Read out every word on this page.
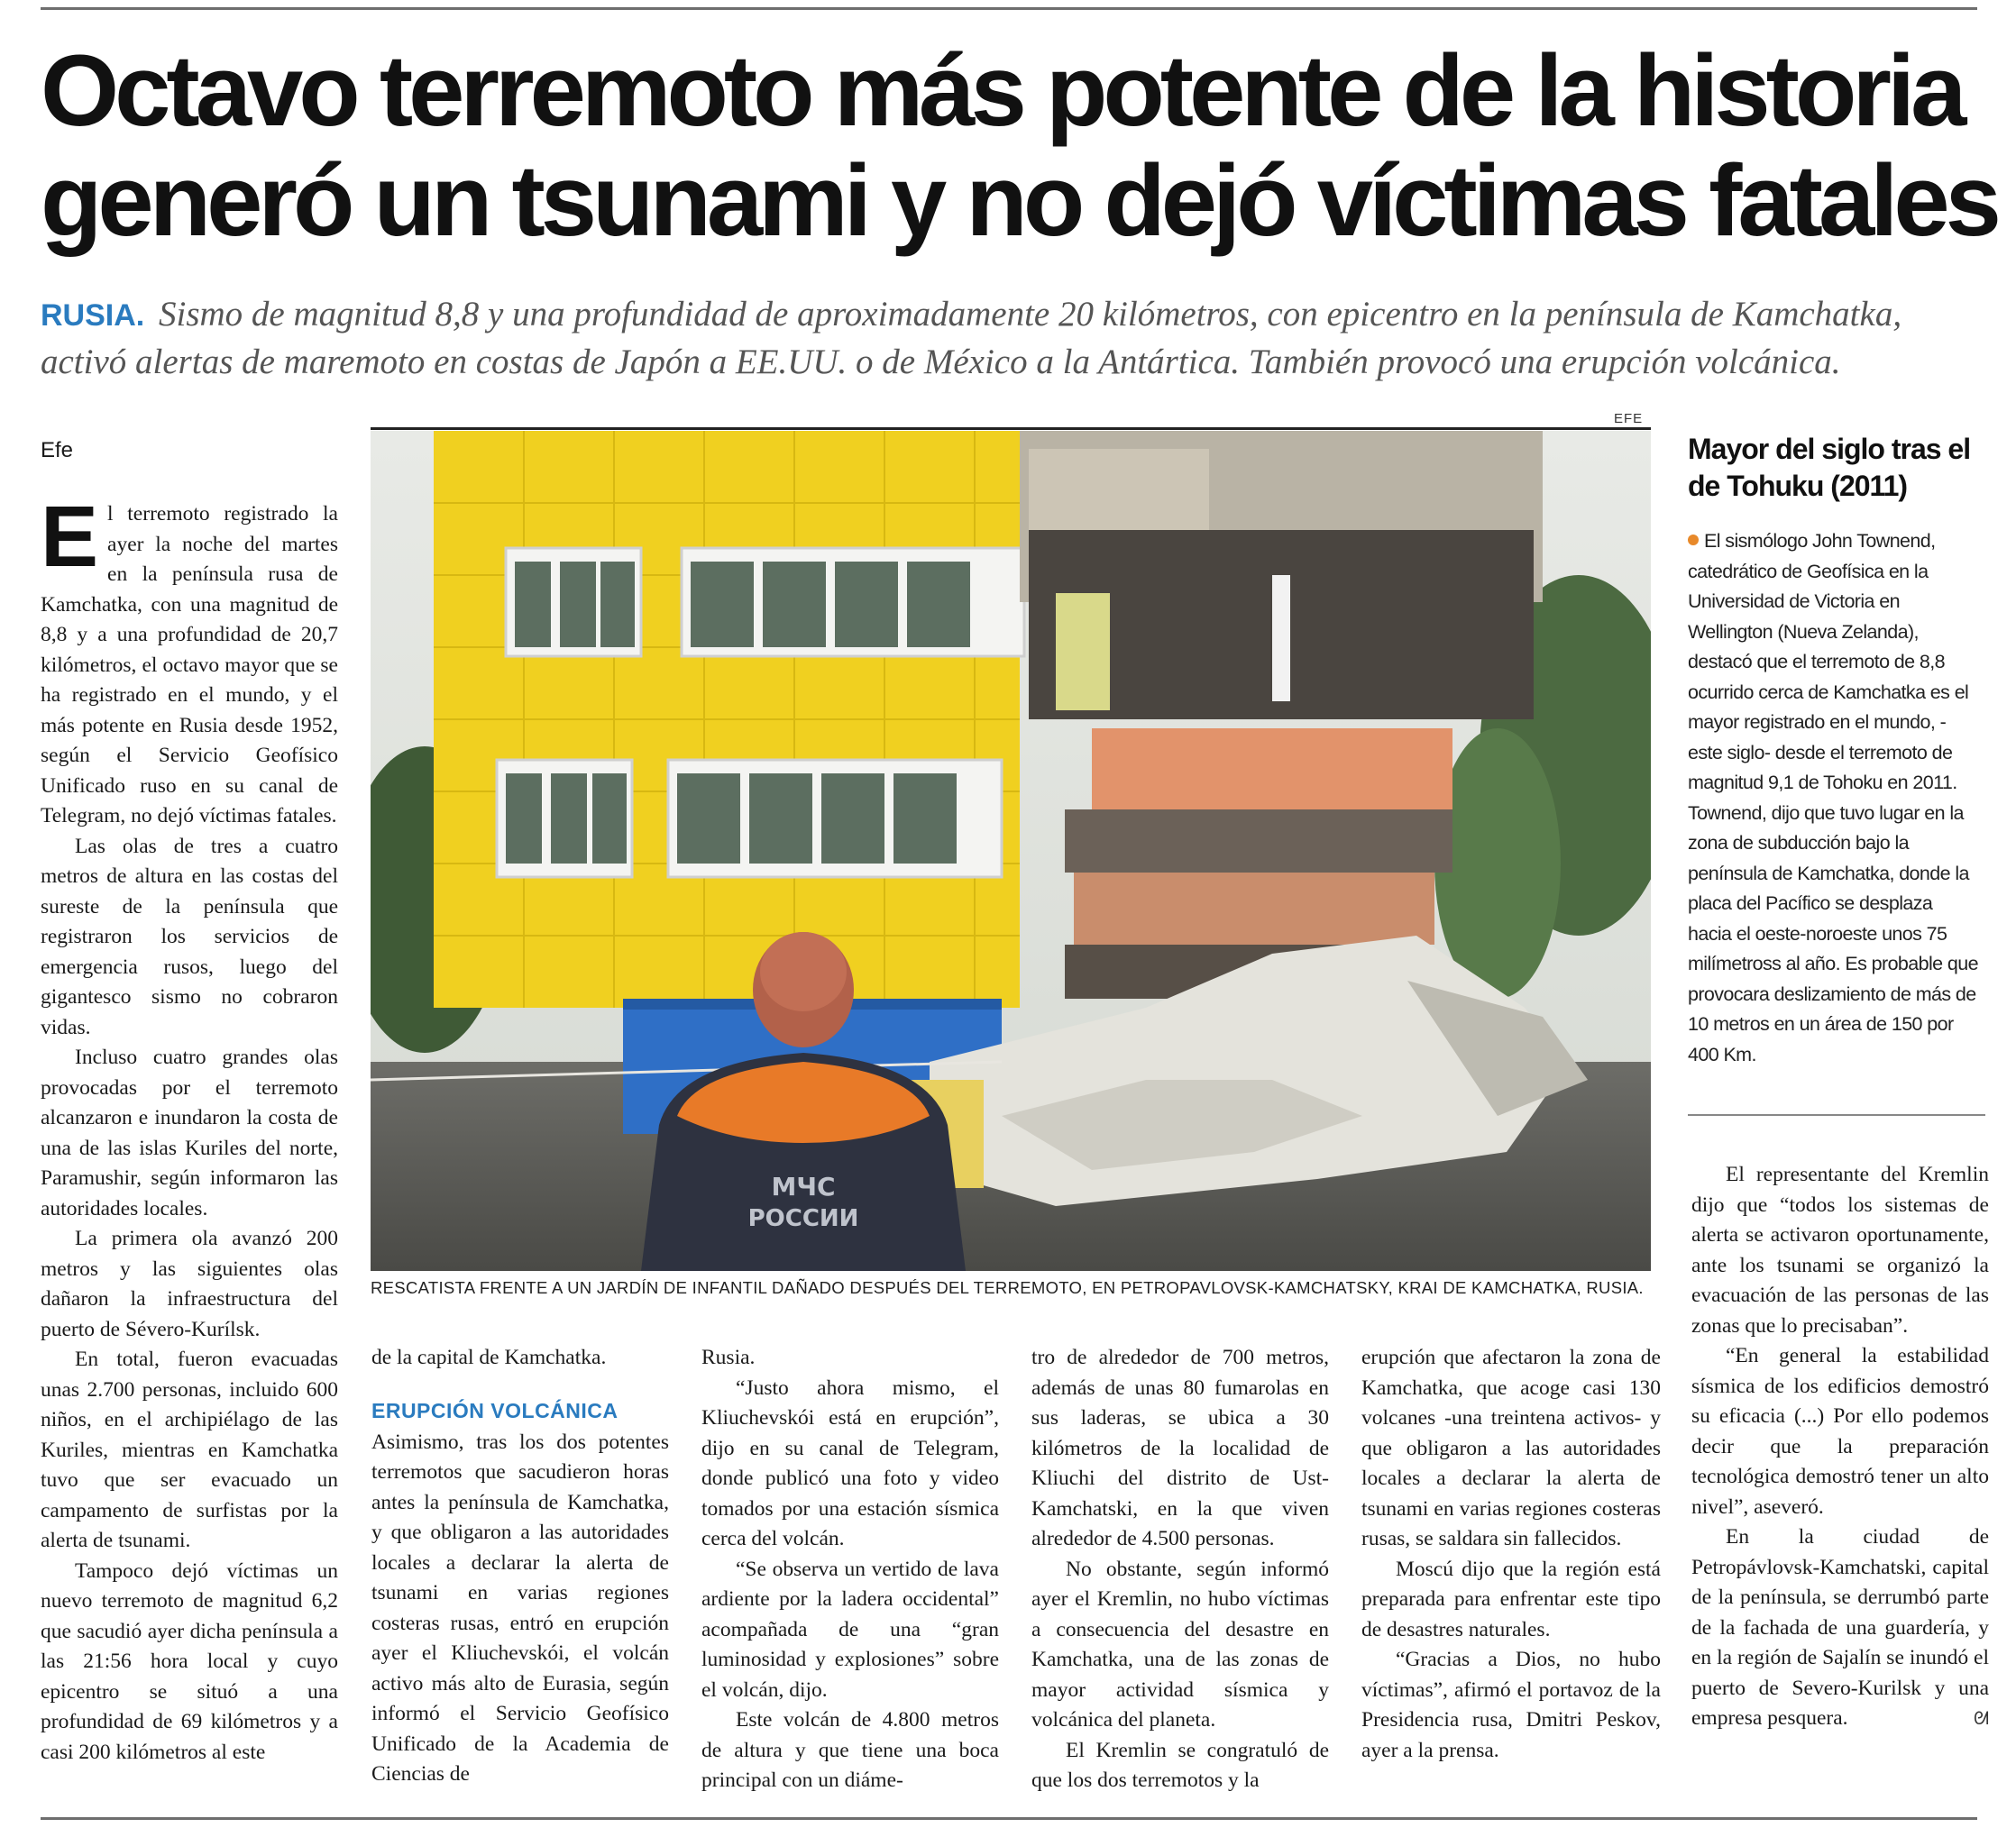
Octavo terremoto más potente de la historia
generó un tsunami y no dejó víctimas fatales

RUSIA. Sismo de magnitud 8,8 y una profundidad de aproximadamente 20 kilómetros, con epicentro en la península de Kamchatka, activó alertas de maremoto en costas de Japón a EE.UU. o de México a la Antártica. También provocó una erupción volcánica.

Efe

E l terremoto registrado la ayer la noche del martes en la península rusa de Kamchatka, con una magnitud de 8,8 y a una profundidad de 20,7 kilómetros, el octavo mayor que se ha registrado en el mundo, y el más potente en Rusia desde 1952, según el Servicio Geofísico Unificado ruso en su canal de Telegram, no dejó víctimas fatales.

Las olas de tres a cuatro metros de altura en las costas del sureste de la península que registraron los servicios de emergencia rusos, luego del gigantesco sismo no cobraron vidas.

Incluso cuatro grandes olas provocadas por el terremoto alcanzaron e inundaron la costa de una de las islas Kuriles del norte, Paramushir, según informaron las autoridades locales.

La primera ola avanzó 200 metros y las siguientes olas dañaron la infraestructura del puerto de Sévero-Kurílsk.

En total, fueron evacuadas unas 2.700 personas, incluido 600 niños, en el archipiélago de las Kuriles, mientras en Kamchatka tuvo que ser evacuado un campamento de surfistas por la alerta de tsunami.

Tampoco dejó víctimas un nuevo terremoto de magnitud 6,2 que sacudió ayer dicha península a las 21:56 hora local y cuyo epicentro se situó a una profundidad de 69 kilómetros y a casi 200 kilómetros al este

EFE
МЧС
РОССИИ
RESCATISTA FRENTE A UN JARDÍN DE INFANTIL DAÑADO DESPUÉS DEL TERREMOTO, EN PETROPAVLOVSK-KAMCHATSKY, KRAI DE KAMCHATKA, RUSIA.

de la capital de Kamchatka.

ERUPCIÓN VOLCÁNICA

Asimismo, tras los dos potentes terremotos que sacudieron horas antes la península de Kamchatka, y que obligaron a las autoridades locales a declarar la alerta de tsunami en varias regiones costeras rusas, entró en erupción ayer el Kliuchevskói, el volcán activo más alto de Eurasia, según informó el Servicio Geofísico Unificado de la Academia de Ciencias de

Rusia.

“Justo ahora mismo, el Kliuchevskói está en erupción”, dijo en su canal de Telegram, donde publicó una foto y video tomados por una estación sísmica cerca del volcán.

“Se observa un vertido de lava ardiente por la ladera occidental” acompañada de una “gran luminosidad y explosiones” sobre el volcán, dijo.

Este volcán de 4.800 metros de altura y que tiene una boca principal con un diáme-

tro de alrededor de 700 metros, además de unas 80 fumarolas en sus laderas, se ubica a 30 kilómetros de la localidad de Kliuchi del distrito de Ust-Kamchatski, en la que viven alrededor de 4.500 personas.

No obstante, según informó ayer el Kremlin, no hubo víctimas a consecuencia del desastre en Kamchatka, una de las zonas de mayor actividad sísmica y volcánica del planeta.

El Kremlin se congratuló de que los dos terremotos y la

erupción que afectaron la zona de Kamchatka, que acoge casi 130 volcanes -una treintena activos- y que obligaron a las autoridades locales a declarar la alerta de tsunami en varias regiones costeras rusas, se saldara sin fallecidos.

Moscú dijo que la región está preparada para enfrentar este tipo de desastres naturales.

“Gracias a Dios, no hubo víctimas”, afirmó el portavoz de la Presidencia rusa, Dmitri Peskov, ayer a la prensa.

Mayor del siglo tras el de Tohuku (2011)
El sismólogo John Townend, catedrático de Geofísica en la Universidad de Victoria en Wellington (Nueva Zelanda), destacó que el terremoto de 8,8 ocurrido cerca de Kamchatka es el mayor registrado en el mundo, -este siglo- desde el terremoto de magnitud 9,1 de Tohoku en 2011. Townend, dijo que tuvo lugar en la zona de subducción bajo la península de Kamchatka, donde la placa del Pacífico se desplaza hacia el oeste-noroeste unos 75 milímetross al año. Es probable que provocara deslizamiento de más de 10 metros en un área de 150 por 400 Km.

El representante del Kremlin dijo que “todos los sistemas de alerta se activaron oportunamente, ante los tsunami se organizó la evacuación de las personas de las zonas que lo precisaban”.

“En general la estabilidad sísmica de los edificios demostró su eficacia (...) Por ello podemos decir que la preparación tecnológica demostró tener un alto nivel”, aseveró.

En la ciudad de Petropávlovsk-Kamchatski, capital de la península, se derrumbó parte de la fachada de una guardería, y en la región de Sajalín se inundó el puerto de Severo-Kurilsk y una empresa pesquera.	ᘛ
